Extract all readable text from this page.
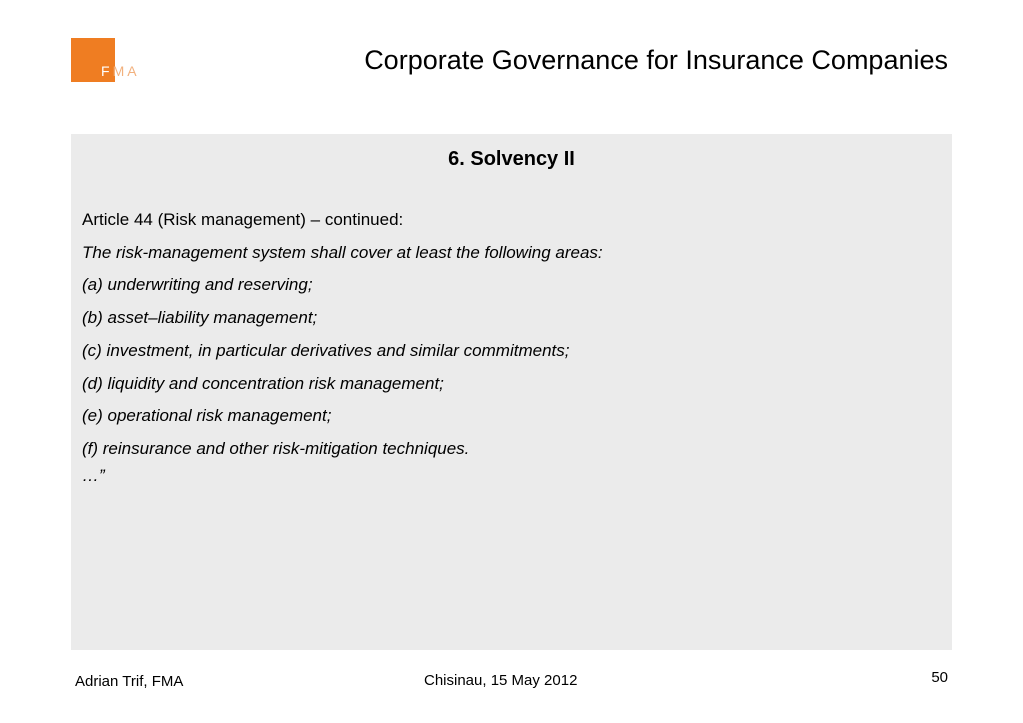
FMA	Corporate Governance for Insurance Companies
6. Solvency II
Article 44 (Risk management) – continued:
The risk-management system shall cover at least the following areas:
(a) underwriting and reserving;
(b) asset–liability management;
(c) investment, in particular derivatives and similar commitments;
(d) liquidity and concentration risk management;
(e) operational risk management;
(f) reinsurance and other risk-mitigation techniques.
…”
Adrian Trif, FMA	Chisinau, 15 May 2012	50
